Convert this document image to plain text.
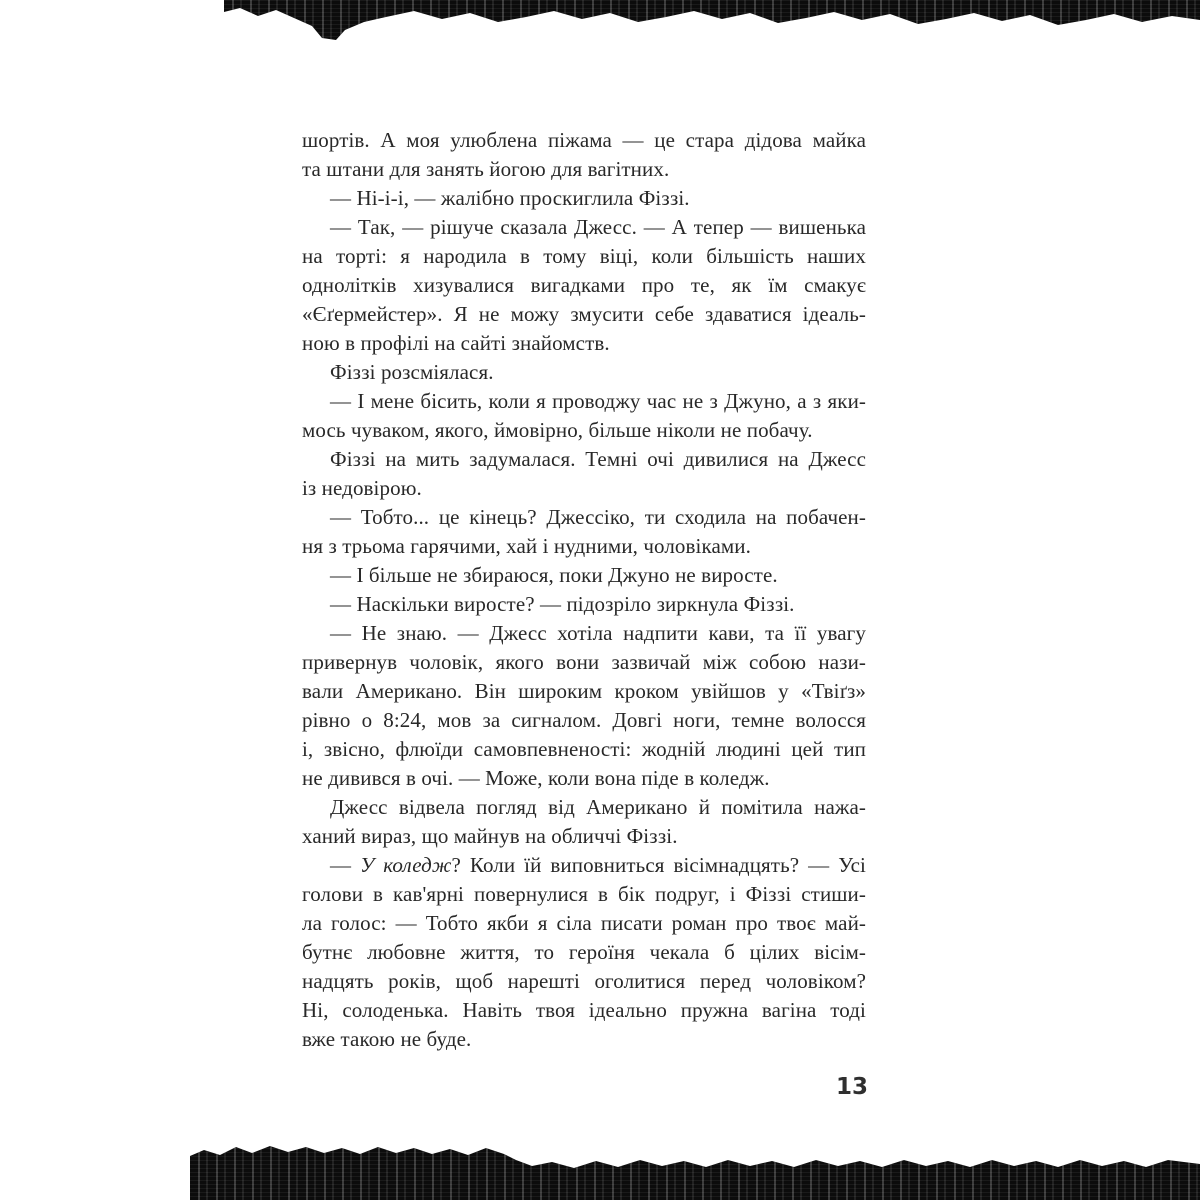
шортів. А моя улюблена піжама — це стара дідова майка
та штани для занять йогою для вагітних.
— Ні-і-і, — жалібно проскиглила Фіззі.
— Так, — рішуче сказала Джесс. — А тепер — вишенька
на торті: я народила в тому віці, коли більшість наших
однолітків хизувалися вигадками про те, як їм смакує
«Єґермейстер». Я не можу змусити себе здаватися ідеаль-
ною в профілі на сайті знайомств.
Фіззі розсміялася.
— І мене бісить, коли я проводжу час не з Джуно, а з яки-
мось чуваком, якого, ймовірно, більше ніколи не побачу.
Фіззі на мить задумалася. Темні очі дивилися на Джесс
із недовірою.
— Тобто... це кінець? Джессіко, ти сходила на побачен-
ня з трьома гарячими, хай і нудними, чоловіками.
— І більше не збираюся, поки Джуно не виросте.
— Наскільки виросте? — підозріло зиркнула Фіззі.
— Не знаю. — Джесс хотіла надпити кави, та її увагу
привернув чоловік, якого вони зазвичай між собою нази-
вали Американо. Він широким кроком увійшов у «Твіґз»
рівно о 8:24, мов за сигналом. Довгі ноги, темне волосся
і, звісно, флюїди самовпевненості: жодній людині цей тип
не дивився в очі. — Може, коли вона піде в коледж.
Джесс відвела погляд від Американо й помітила нажа-
ханий вираз, що майнув на обличчі Фіззі.
— У коледж? Коли їй виповниться вісімнадцять? — Усі
голови в кав'ярні повернулися в бік подруг, і Фіззі стиши-
ла голос: — Тобто якби я сіла писати роман про твоє май-
бутнє любовне життя, то героїня чекала б цілих вісім-
надцять років, щоб нарешті оголитися перед чоловіком?
Ні, солоденька. Навіть твоя ідеально пружна вагіна тоді
вже такою не буде.
13
